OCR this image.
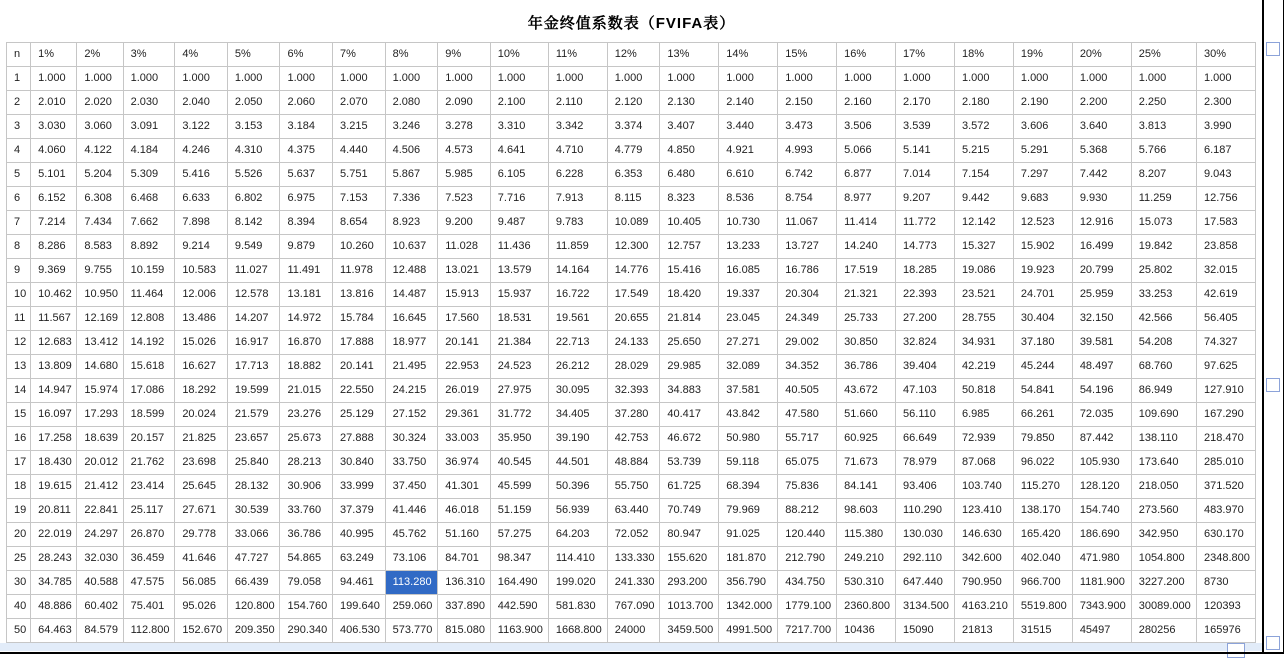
年金终值系数表（FVIFA表）
n	1%	2%	3%	4%	5%	6%	7%	8%	9%	10%	11%	12%	13%	14%	15%	16%	17%	18%	19%	20%	25%	30%
1	1.000	1.000	1.000	1.000	1.000	1.000	1.000	1.000	1.000	1.000	1.000	1.000	1.000	1.000	1.000	1.000	1.000	1.000	1.000	1.000	1.000	1.000
2	2.010	2.020	2.030	2.040	2.050	2.060	2.070	2.080	2.090	2.100	2.110	2.120	2.130	2.140	2.150	2.160	2.170	2.180	2.190	2.200	2.250	2.300
3	3.030	3.060	3.091	3.122	3.153	3.184	3.215	3.246	3.278	3.310	3.342	3.374	3.407	3.440	3.473	3.506	3.539	3.572	3.606	3.640	3.813	3.990
4	4.060	4.122	4.184	4.246	4.310	4.375	4.440	4.506	4.573	4.641	4.710	4.779	4.850	4.921	4.993	5.066	5.141	5.215	5.291	5.368	5.766	6.187
5	5.101	5.204	5.309	5.416	5.526	5.637	5.751	5.867	5.985	6.105	6.228	6.353	6.480	6.610	6.742	6.877	7.014	7.154	7.297	7.442	8.207	9.043
6	6.152	6.308	6.468	6.633	6.802	6.975	7.153	7.336	7.523	7.716	7.913	8.115	8.323	8.536	8.754	8.977	9.207	9.442	9.683	9.930	11.259	12.756
7	7.214	7.434	7.662	7.898	8.142	8.394	8.654	8.923	9.200	9.487	9.783	10.089	10.405	10.730	11.067	11.414	11.772	12.142	12.523	12.916	15.073	17.583
8	8.286	8.583	8.892	9.214	9.549	9.879	10.260	10.637	11.028	11.436	11.859	12.300	12.757	13.233	13.727	14.240	14.773	15.327	15.902	16.499	19.842	23.858
9	9.369	9.755	10.159	10.583	11.027	11.491	11.978	12.488	13.021	13.579	14.164	14.776	15.416	16.085	16.786	17.519	18.285	19.086	19.923	20.799	25.802	32.015
10	10.462	10.950	11.464	12.006	12.578	13.181	13.816	14.487	15.913	15.937	16.722	17.549	18.420	19.337	20.304	21.321	22.393	23.521	24.701	25.959	33.253	42.619
11	11.567	12.169	12.808	13.486	14.207	14.972	15.784	16.645	17.560	18.531	19.561	20.655	21.814	23.045	24.349	25.733	27.200	28.755	30.404	32.150	42.566	56.405
12	12.683	13.412	14.192	15.026	16.917	16.870	17.888	18.977	20.141	21.384	22.713	24.133	25.650	27.271	29.002	30.850	32.824	34.931	37.180	39.581	54.208	74.327
13	13.809	14.680	15.618	16.627	17.713	18.882	20.141	21.495	22.953	24.523	26.212	28.029	29.985	32.089	34.352	36.786	39.404	42.219	45.244	48.497	68.760	97.625
14	14.947	15.974	17.086	18.292	19.599	21.015	22.550	24.215	26.019	27.975	30.095	32.393	34.883	37.581	40.505	43.672	47.103	50.818	54.841	54.196	86.949	127.910
15	16.097	17.293	18.599	20.024	21.579	23.276	25.129	27.152	29.361	31.772	34.405	37.280	40.417	43.842	47.580	51.660	56.110	6.985	66.261	72.035	109.690	167.290
16	17.258	18.639	20.157	21.825	23.657	25.673	27.888	30.324	33.003	35.950	39.190	42.753	46.672	50.980	55.717	60.925	66.649	72.939	79.850	87.442	138.110	218.470
17	18.430	20.012	21.762	23.698	25.840	28.213	30.840	33.750	36.974	40.545	44.501	48.884	53.739	59.118	65.075	71.673	78.979	87.068	96.022	105.930	173.640	285.010
18	19.615	21.412	23.414	25.645	28.132	30.906	33.999	37.450	41.301	45.599	50.396	55.750	61.725	68.394	75.836	84.141	93.406	103.740	115.270	128.120	218.050	371.520
19	20.811	22.841	25.117	27.671	30.539	33.760	37.379	41.446	46.018	51.159	56.939	63.440	70.749	79.969	88.212	98.603	110.290	123.410	138.170	154.740	273.560	483.970
20	22.019	24.297	26.870	29.778	33.066	36.786	40.995	45.762	51.160	57.275	64.203	72.052	80.947	91.025	120.440	115.380	130.030	146.630	165.420	186.690	342.950	630.170
25	28.243	32.030	36.459	41.646	47.727	54.865	63.249	73.106	84.701	98.347	114.410	133.330	155.620	181.870	212.790	249.210	292.110	342.600	402.040	471.980	1054.800	2348.800
30	34.785	40.588	47.575	56.085	66.439	79.058	94.461	113.280	136.310	164.490	199.020	241.330	293.200	356.790	434.750	530.310	647.440	790.950	966.700	1181.900	3227.200	8730
40	48.886	60.402	75.401	95.026	120.800	154.760	199.640	259.060	337.890	442.590	581.830	767.090	1013.700	1342.000	1779.100	2360.800	3134.500	4163.210	5519.800	7343.900	30089.000	120393
50	64.463	84.579	112.800	152.670	209.350	290.340	406.530	573.770	815.080	1163.900	1668.800	24000	3459.500	4991.500	7217.700	10436	15090	21813	31515	45497	280256	165976
